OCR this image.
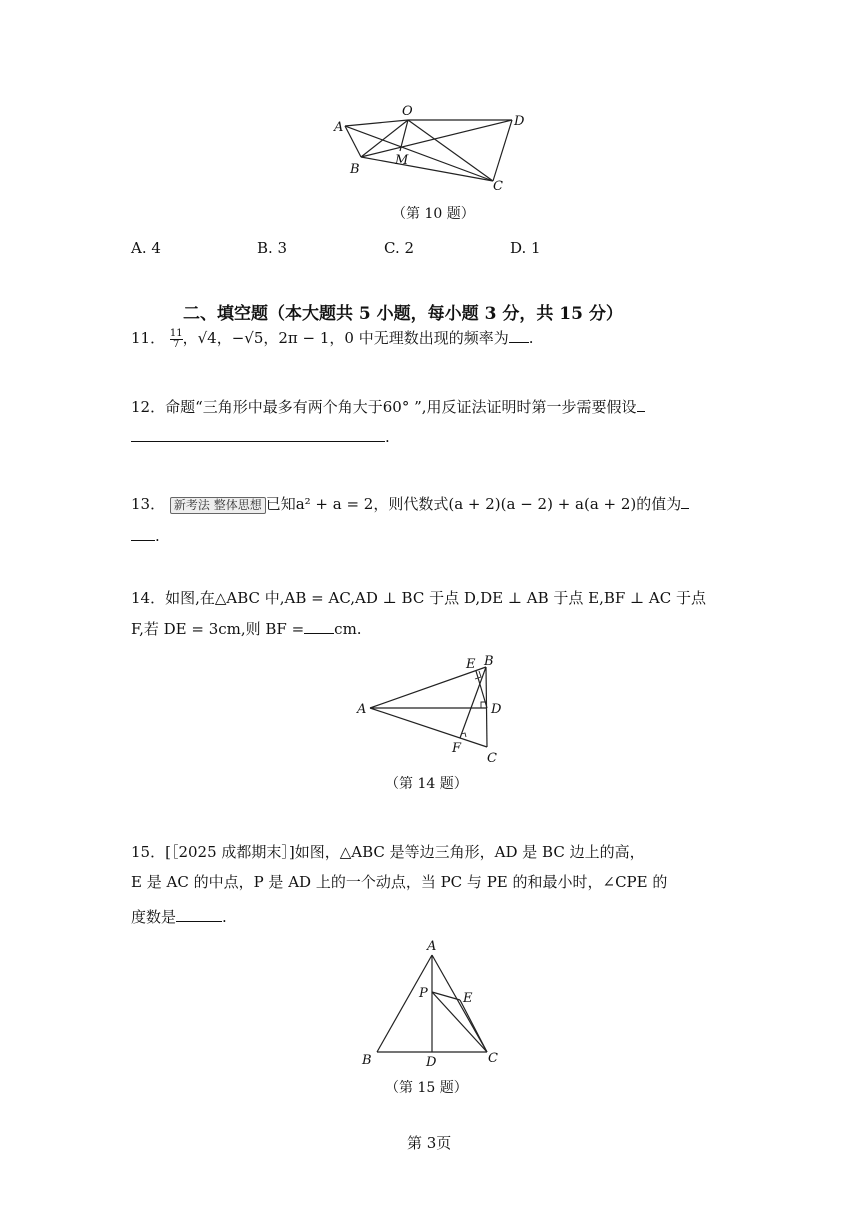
A
O
D
B
M
C
（第 10 题）
A. 4	B. 3	C. 2	D. 1
二、填空题（本大题共 5 小题，每小题 3 分，共 15 分）
11． $\frac{11}{7}$ ，√4，−√5，2π − 1，0 中无理数出现的频率为 .
12．命题“三角形中最多有两个角大于60° ”,用反证法证明时第一步需要假设
.
13． 新考法 整体思想 已知a² + a = 2，则代数式(a + 2)(a − 2) + a(a + 2)的值为
.
14．如图,在△ABC 中,AB = AC,AD ⊥ BC 于点 D,DE ⊥ AB 于点 E,BF ⊥ AC 于点
F,若 DE = 3cm,则 BF = cm.
A
B
E
D
F
C
（第 14 题）
15．[［2025 成都期末］]如图，△ABC 是等边三角形，AD 是 BC 边上的高，
E 是 AC 的中点，P 是 AD 上的一个动点，当 PC 与 PE 的和最小时，∠CPE 的
度数是	.
A
P	E
B	D	C
（第 15 题）
第 3页
